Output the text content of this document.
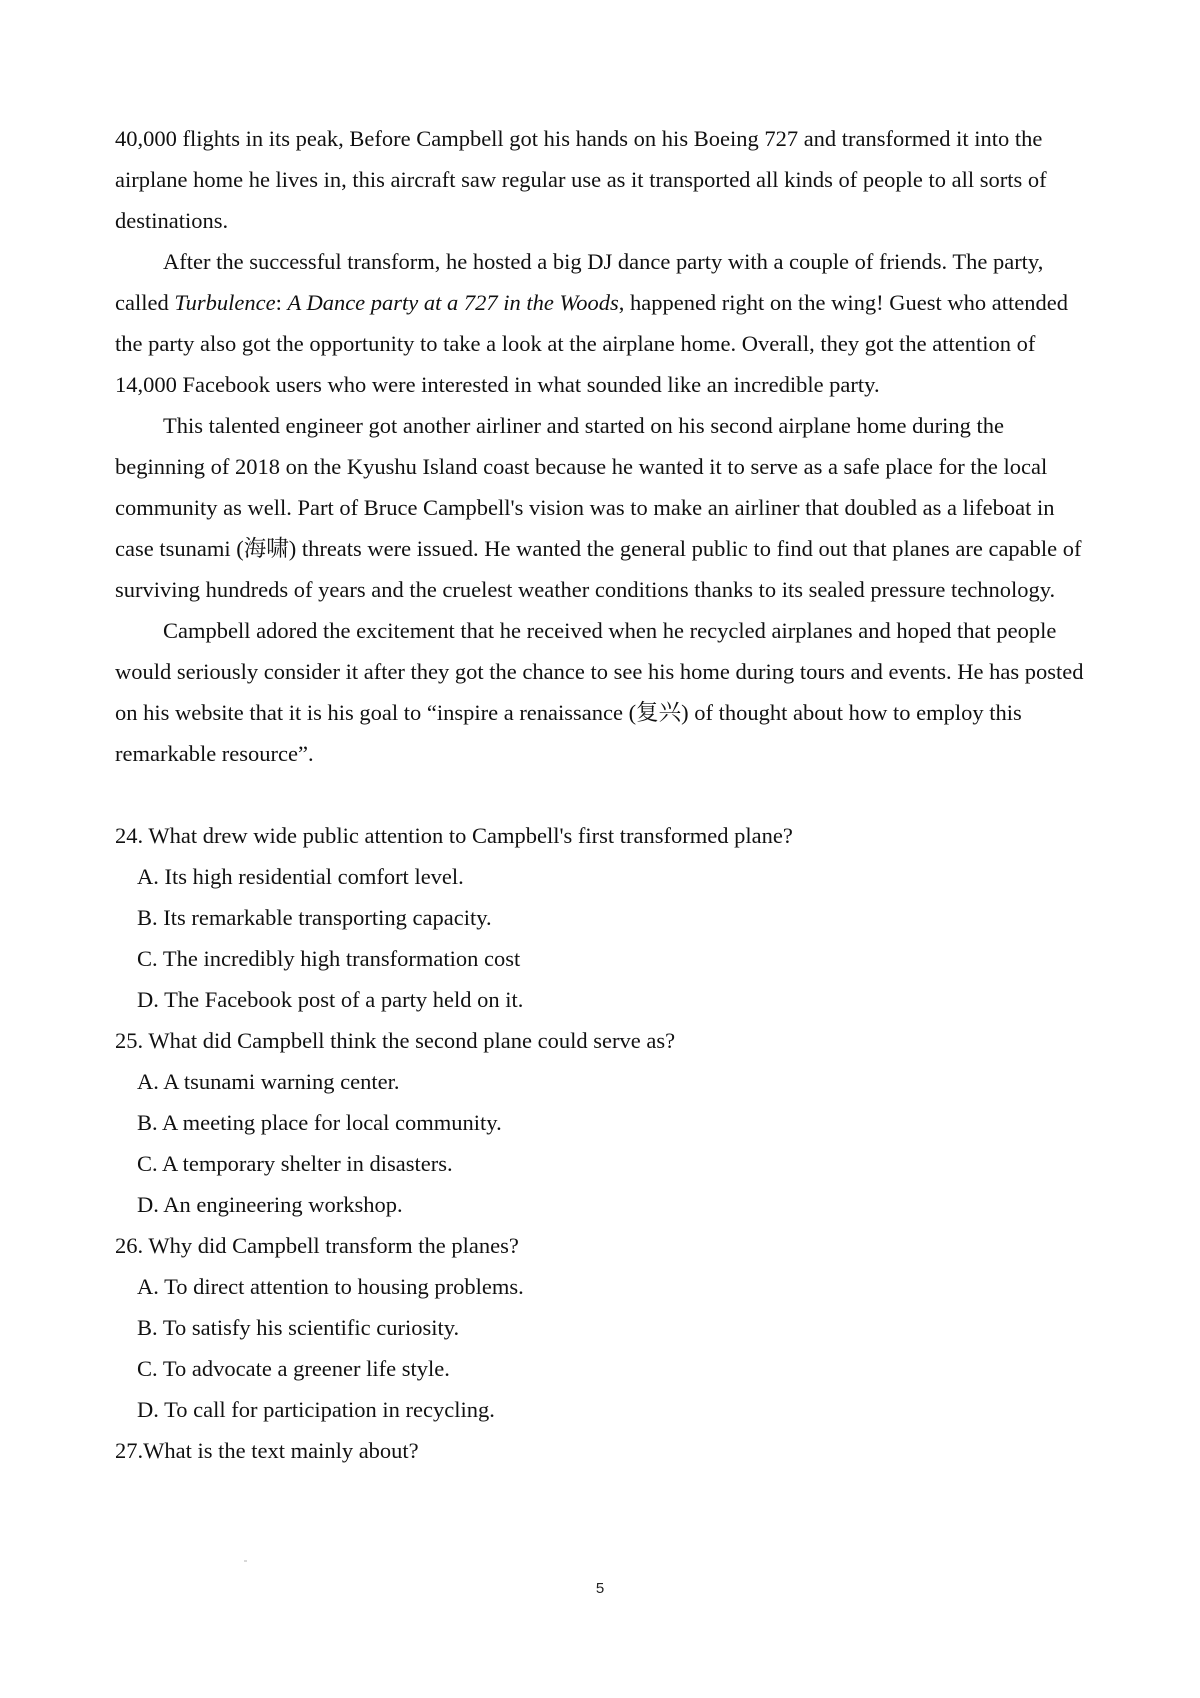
40,000 flights in its peak, Before Campbell got his hands on his Boeing 727 and transformed it into the airplane home he lives in, this aircraft saw regular use as it transported all kinds of people to all sorts of destinations.

After the successful transform, he hosted a big DJ dance party with a couple of friends. The party, called Turbulence: A Dance party at a 727 in the Woods, happened right on the wing! Guest who attended the party also got the opportunity to take a look at the airplane home. Overall, they got the attention of 14,000 Facebook users who were interested in what sounded like an incredible party.

This talented engineer got another airliner and started on his second airplane home during the beginning of 2018 on the Kyushu Island coast because he wanted it to serve as a safe place for the local community as well. Part of Bruce Campbell's vision was to make an airliner that doubled as a lifeboat in case tsunami (海啸) threats were issued. He wanted the general public to find out that planes are capable of surviving hundreds of years and the cruelest weather conditions thanks to its sealed pressure technology.

Campbell adored the excitement that he received when he recycled airplanes and hoped that people would seriously consider it after they got the chance to see his home during tours and events. He has posted on his website that it is his goal to “inspire a renaissance (复兴) of thought about how to employ this remarkable resource”.

24. What drew wide public attention to Campbell's first transformed plane?

A. Its high residential comfort level.

B. Its remarkable transporting capacity.

C. The incredibly high transformation cost

D. The Facebook post of a party held on it.

25. What did Campbell think the second plane could serve as?

A. A tsunami warning center.

B. A meeting place for local community.

C. A temporary shelter in disasters.

D. An engineering workshop.

26. Why did Campbell transform the planes?

A. To direct attention to housing problems.

B. To satisfy his scientific curiosity.

C. To advocate a greener life style.

D. To call for participation in recycling.

27.What is the text mainly about?

5
